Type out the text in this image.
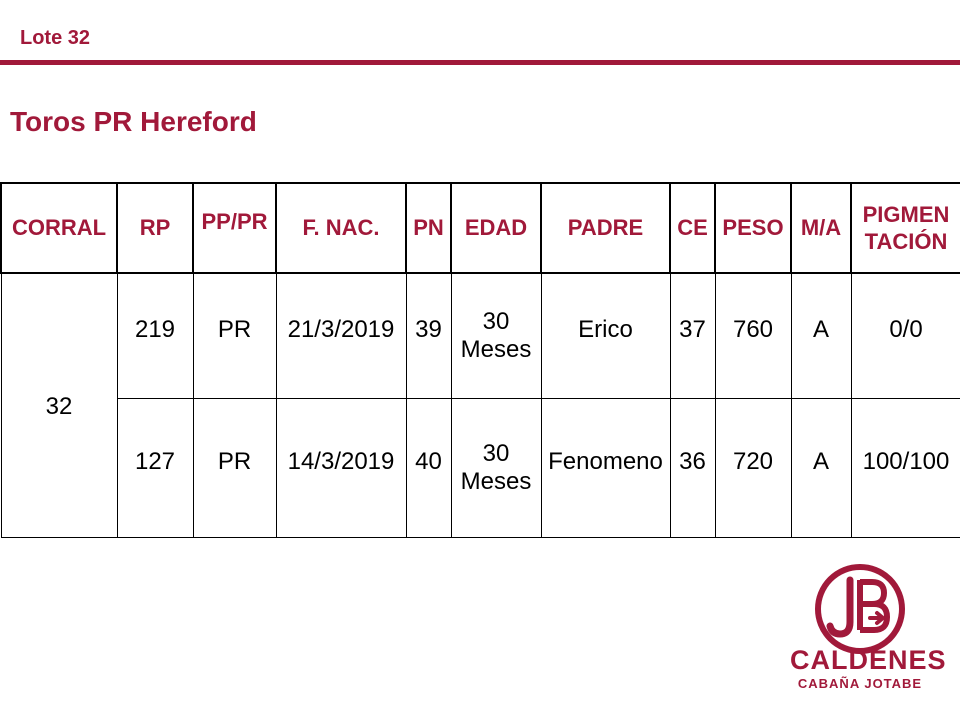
Lote 32
Toros PR Hereford
CORRAL	RP	PP/PR	F. NAC.	PN	EDAD	PADRE	CE	PESO	M/A	PIGMEN TACIÓN
32	219	PR	21/3/2019	39	30 Meses	Erico	37	760	A	0/0
	127	PR	14/3/2019	40	30 Meses	Fenomeno	36	720	A	100/100
CALDENES
CABAÑA JOTABE
